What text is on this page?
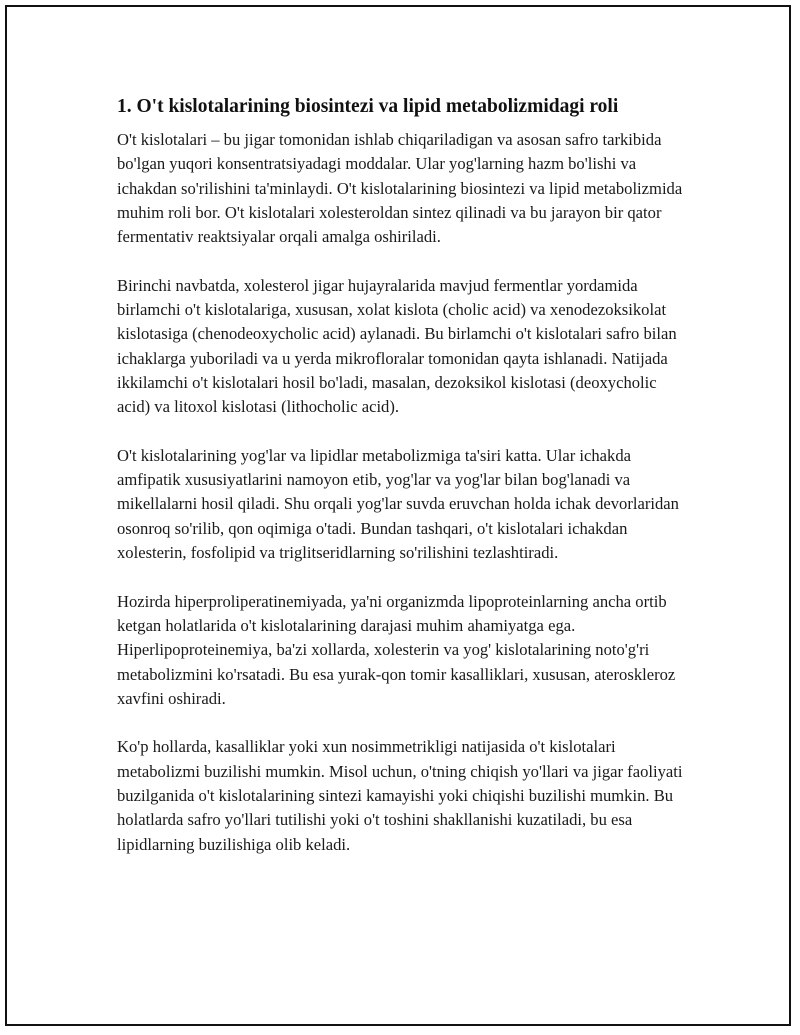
1. O't kislotalarining biosintezi va lipid metabolizmidagi roli

O't kislotalari – bu jigar tomonidan ishlab chiqariladigan va asosan safro tarkibida bo'lgan yuqori konsentratsiyadagi moddalar. Ular yog'larning hazm bo'lishi va ichakdan so'rilishini ta'minlaydi. O't kislotalarining biosintezi va lipid metabolizmida muhim roli bor. O't kislotalari xolesteroldan sintez qilinadi va bu jarayon bir qator fermentativ reaktsiyalar orqali amalga oshiriladi.

Birinchi navbatda, xolesterol jigar hujayralarida mavjud fermentlar yordamida birlamchi o't kislotalariga, xususan, xolat kislota (cholic acid) va xenodezoksikolat kislotasiga (chenodeoxycholic acid) aylanadi. Bu birlamchi o't kislotalari safro bilan ichaklarga yuboriladi va u yerda mikrofloralar tomonidan qayta ishlanadi. Natijada ikkilamchi o't kislotalari hosil bo'ladi, masalan, dezoksikol kislotasi (deoxycholic acid) va litoxol kislotasi (lithocholic acid).

O't kislotalarining yog'lar va lipidlar metabolizmiga ta'siri katta. Ular ichakda amfipatik xususiyatlarini namoyon etib, yog'lar va yog'lar bilan bog'lanadi va mikellalarni hosil qiladi. Shu orqali yog'lar suvda eruvchan holda ichak devorlaridan osonroq so'rilib, qon oqimiga o'tadi. Bundan tashqari, o't kislotalari ichakdan xolesterin, fosfolipid va triglitseridlarning so'rilishini tezlashtiradi.

Hozirda hiperproliperatinemiyada, ya'ni organizmda lipoproteinlarning ancha ortib ketgan holatlarida o't kislotalarining darajasi muhim ahamiyatga ega. Hiperlipoproteinemiya, ba'zi xollarda, xolesterin va yog' kislotalarining noto'g'ri metabolizmini ko'rsatadi. Bu esa yurak-qon tomir kasalliklari, xususan, ateroskleroz xavfini oshiradi.

Ko'p hollarda, kasalliklar yoki xun nosimmetrikligi natijasida o't kislotalari metabolizmi buzilishi mumkin. Misol uchun, o'tning chiqish yo'llari va jigar faoliyati buzilganida o't kislotalarining sintezi kamayishi yoki chiqishi buzilishi mumkin. Bu holatlarda safro yo'llari tutilishi yoki o't toshini shakllanishi kuzatiladi, bu esa lipidlarning buzilishiga olib keladi.
